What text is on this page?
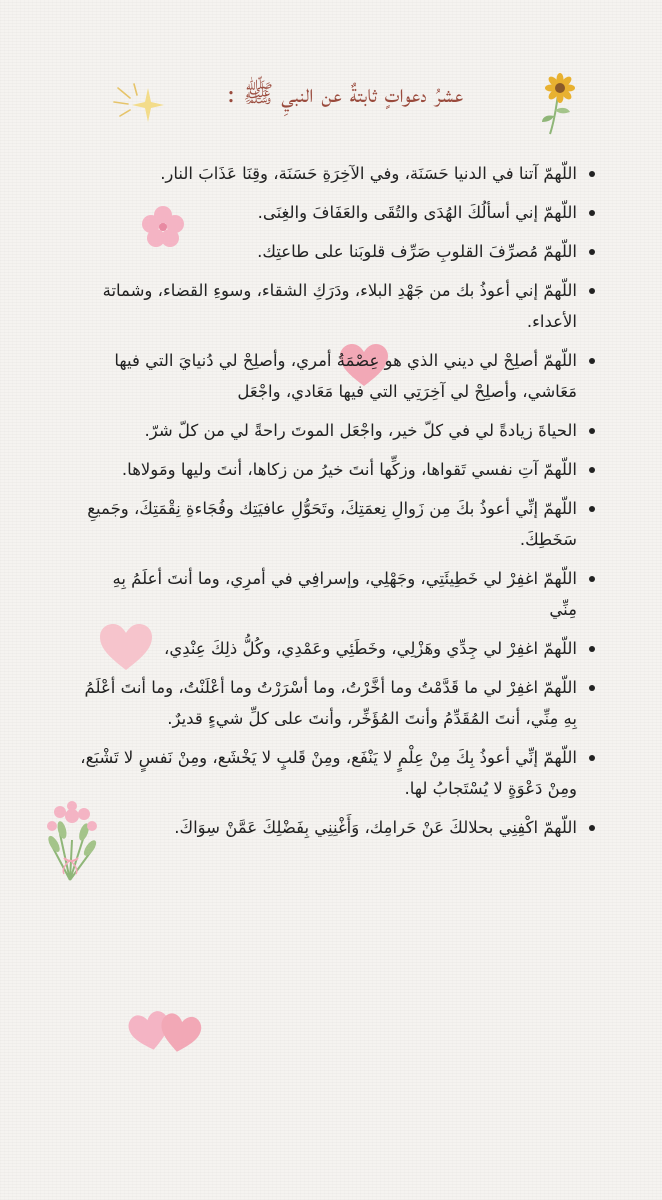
عشرُ دعواتٍ ثابتةٌ عن النبيِ ﷺ :
اللّهمّ آتنا في الدنيا حَسَنَة، وفي الآخِرَةِ حَسَنَة، وقِنَا عَذَابَ النار.
اللّهمّ إني أسألُكَ الهُدَى والتُقَى والعَفَافَ والغِنَى.
اللّهمّ مُصرِّفَ القلوبِ صَرِّف قلوبَنا على طاعتِك.
اللّهمّ إني أعوذُ بك من جَهْدِ البلاء، ودَرَكِ الشقاء، وسوءِ القضاء، وشماتة الأعداء.
اللّهمّ أصلِحْ لي ديني الذي هو عِصْمَةُ أمري، وأصلِحْ لي دُنيايَ التي فيها مَعَاشي، وأصلِحْ لي آخِرَتِي التي فيها مَعَادي، واجْعَل
الحياةَ زيادةً لي في كلّ خير، واجْعَل الموتَ راحةً لي من كلّ شرّ.
اللّهمّ آتِ نفسي تَقواها، وزكِّها أنتَ خيرُ من زكاها، أنتَ وليها ومَولاها.
اللّهمّ إنِّي أعوذُ بكَ مِن زَوالِ نِعمَتِكَ، وتَحَوُّلِ عافيَتِك وفُجَاءةِ نِقْمَتِكَ، وجَميعِ سَخَطِكَ.
اللّهمّ اغفِرْ لي خَطِيئَتِي، وجَهْلِي، وإسرافِي في أمرِي، وما أنتَ أعلَمُ بِهِ مِنِّي
اللّهمّ اغفِرْ لي جِدِّي وهَزْلِي، وخَطَئِي وعَمْدِي، وكُلُّ ذلِكَ عِنْدِي،
اللّهمّ اغفِرْ لي ما قَدَّمْتُ وما أخَّرْتُ، وما أسْرَرْتُ وما أعْلَنْتُ، وما أنتَ أعْلَمُ بِهِ مِنِّي، أنتَ المُقَدِّمُ وأنتَ المُؤَخِّر، وأنتَ على كلِّ شيءٍ قديرٌ.
اللّهمّ إنِّي أعوذُ بِكَ مِنْ عِلْمٍ لا يَنْفَع، ومِنْ قَلبٍ لا يَخْشَع، ومِنْ نَفسٍ لا تَشْبَع، ومِنْ دَعْوَةٍ لا يُسْتَجابُ لها.
اللّهمّ اكْفِنِي بحلالكَ عَنْ حَرامِك، وَأَغْنِنِي بِفَضْلِكَ عَمَّنْ سِوَاكَ.
